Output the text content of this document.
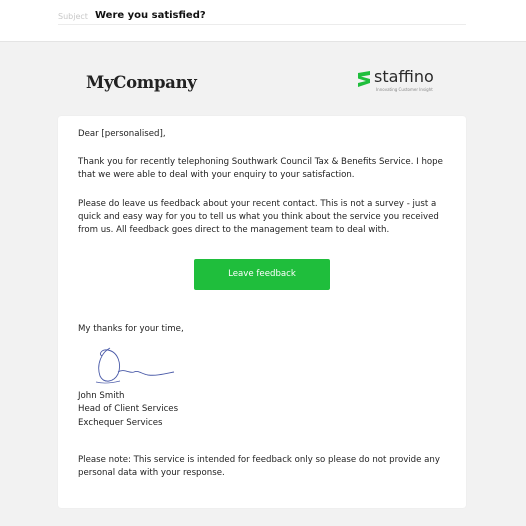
Subject Were you satisfied?
MyCompany	staffino
Innovating Customer Insight

Dear [personalised],

Thank you for recently telephoning Southwark Council Tax & Benefits Service. I hope that we were able to deal with your enquiry to your satisfaction.

Please do leave us feedback about your recent contact. This is not a survey - just a quick and easy way for you to tell us what you think about the service you received from us. All feedback goes direct to the management team to deal with.

Leave feedback

My thanks for your time,

John Smith
Head of Client Services
Exchequer Services

Please note: This service is intended for feedback only so please do not provide any personal data with your response.
